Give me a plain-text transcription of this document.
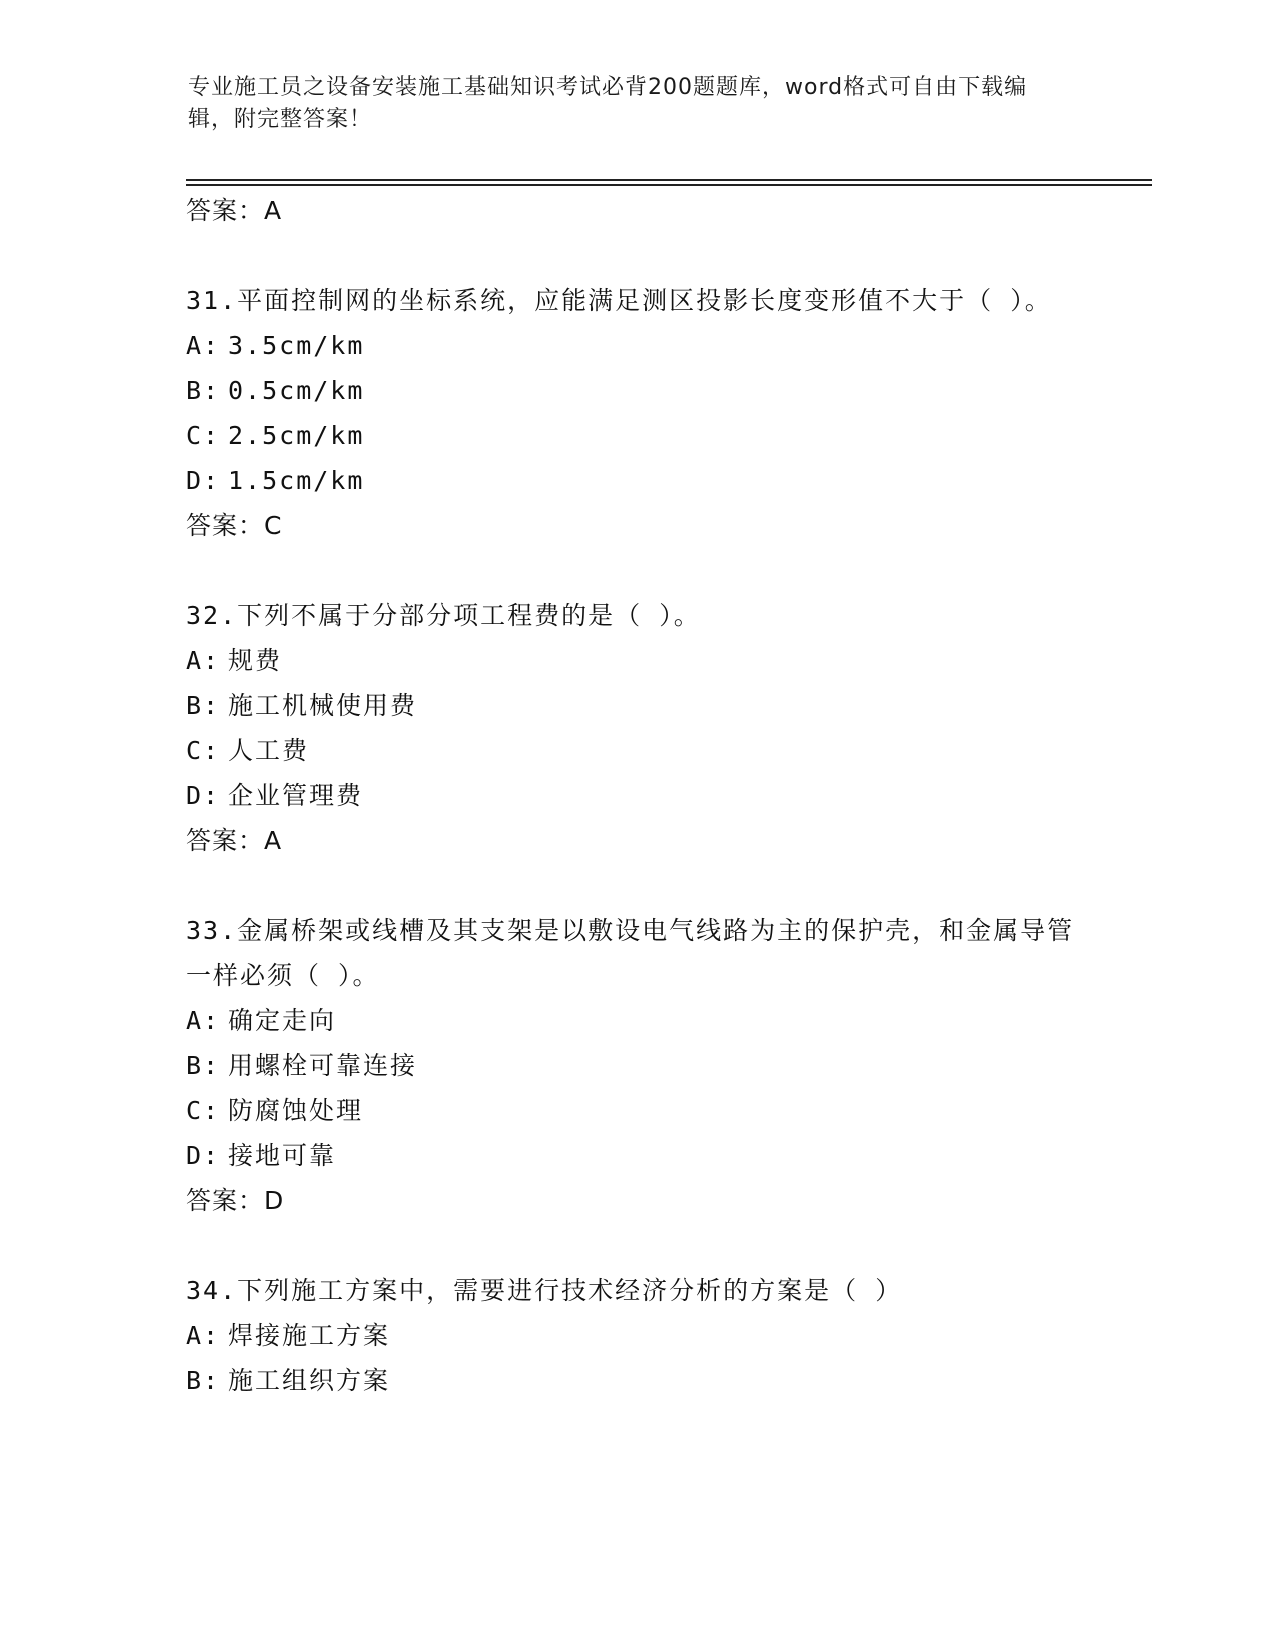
专业施工员之设备安装施工基础知识考试必背200题题库，word格式可自由下载编辑，附完整答案！
答案：A
31.平面控制网的坐标系统，应能满足测区投影长度变形值不大于（ ）。
A: 3.5cm/km
B: 0.5cm/km
C: 2.5cm/km
D: 1.5cm/km
答案：C
32.下列不属于分部分项工程费的是（ ）。
A: 规费
B: 施工机械使用费
C: 人工费
D: 企业管理费
答案：A
33.金属桥架或线槽及其支架是以敷设电气线路为主的保护壳，和金属导管一样必须（ ）。
A: 确定走向
B: 用螺栓可靠连接
C: 防腐蚀处理
D: 接地可靠
答案：D
34.下列施工方案中，需要进行技术经济分析的方案是（ ）
A: 焊接施工方案
B: 施工组织方案
